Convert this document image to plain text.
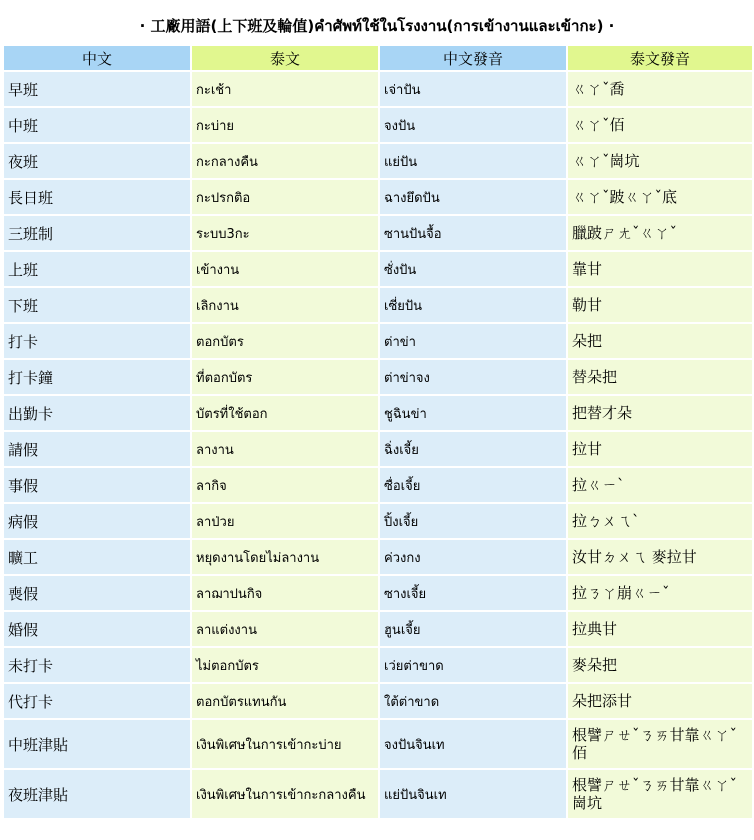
· 工廠用語(上下班及輪值)คำศัพท์ใช้ในโรงงาน(การเข้างานและเข้ากะ) ·
中文	泰文	中文發音	泰文發音
早班	กะเช้า	เจ่าปัน	ㄍㄚˇ喬
中班	กะบ่าย	จงปัน	ㄍㄚˇ佰
夜班	กะกลางคืน	แย่ปัน	ㄍㄚˇ崗坑
長日班	กะปรกติอ	ฉางยึดปัน	ㄍㄚˇ跛ㄍㄚˇ底
三班制	ระบบ3กะ	ซานปันจื้อ	臘跛ㄕㄤˇㄍㄚˇ
上班	เข้างาน	ซั่งปัน	靠甘
下班	เลิกงาน	เซี่ยปัน	勒甘
打卡	ตอกบัตร	ต่าข่า	朵把
打卡鐘	ที่ตอกบัตร	ต่าข่าจง	替朵把
出勤卡	บัตรที่ใช้ตอก	ชูฉินข่า	把替才朵
請假	ลางาน	ฉิ่งเจี้ย	拉甘
事假	ลากิจ	ซื่อเจี้ย	拉ㄍㄧˋ
病假	ลาป่วย	ปิ้งเจี้ย	拉ㄅㄨㄟˋ
曠工	หยุดงานโดยไม่ลางาน	ค่วงกง	汝甘ㄉㄨㄟ 麥拉甘
喪假	ลาฌาปนกิจ	ซางเจี้ย	拉ㄋㄚ崩ㄍㄧˇ
婚假	ลาแต่งงาน	ฮูนเจี้ย	拉典甘
未打卡	ไม่ตอกบัตร	เว่ยต่าขาด	麥朵把
代打卡	ตอกบัตรแทนกัน	ใต้ต่าขาด	朵把添甘
中班津貼	เงินพิเศษในการเข้ากะบ่าย	จงปันจินเท	根譬ㄕㄝˇㄋㄞ甘靠ㄍㄚˇ佰
夜班津貼	เงินพิเศษในการเข้ากะกลางคืน	แย่ปันจินเท	根譬ㄕㄝˇㄋㄞ甘靠ㄍㄚˇ崗坑
